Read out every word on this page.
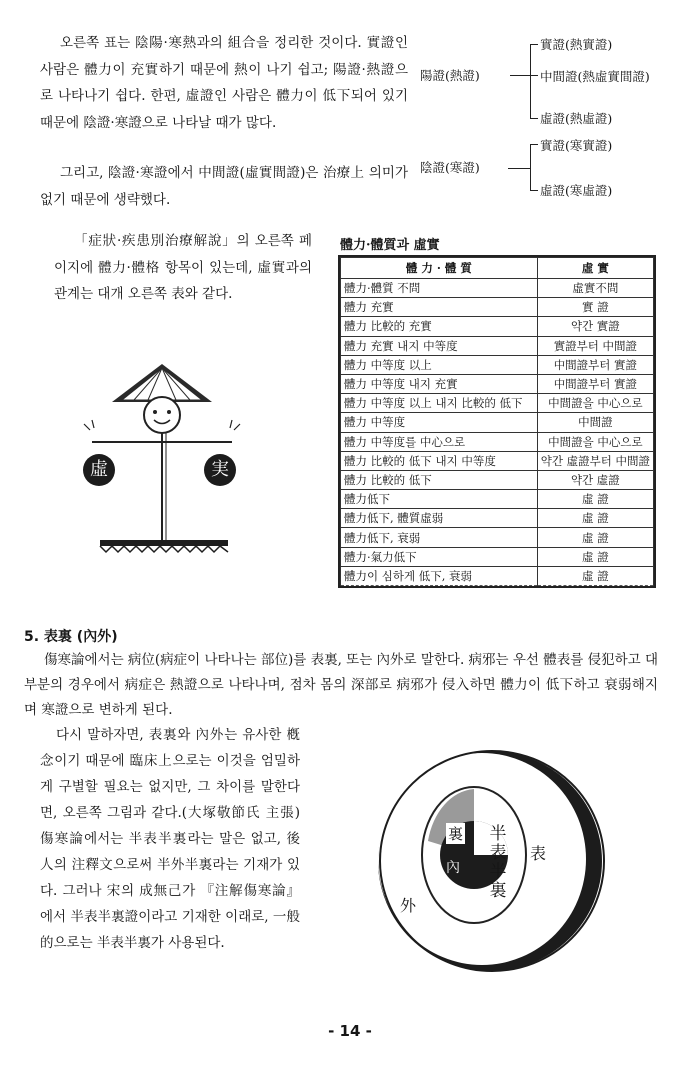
오른쪽 표는 陰陽·寒熱과의 組合을 정리한 것이다. 實證인 사람은 體力이 充實하기 때문에 熱이 나기 쉽고; 陽證·熱證으로 나타나기 쉽다. 한편, 虛證인 사람은 體力이 低下되어 있기 때문에 陰證·寒證으로 나타날 때가 많다.

그리고, 陰證·寒證에서 中間證(虛實間證)은 治療上 의미가 없기 때문에 생략했다.

「症狀·疾患別治療解說」의 오른쪽 페이지에 體力·體格 항목이 있는데, 虛實과의 관계는 대개 오른쪽 表와 같다.

陽證(熱證)
實證(熱實證)
中間證(熱虛實間證)
虛證(熱虛證)
陰證(寒證)
實證(寒實證)
虛證(寒虛證)
虛	実
體力·體質과 虛實
體 力 · 體 質	虛 實
體力·體質 不問	虛實不問
體力 充實	實 證
體力 比較的 充實	약간 實證
體力 充實 내지 中等度	實證부터 中間證
體力 中等度 以上	中間證부터 實證
體力 中等度 내지 充實	中間證부터 實證
體力 中等度 以上 내지 比較的 低下	中間證을 中心으로
體力 中等度	中間證
體力 中等度를 中心으로	中間證을 中心으로
體力 比較的 低下 내지 中等度	약간 虛證부터 中間證
體力 比較的 低下	약간 虛證
體力低下	虛 證
體力低下, 體質虛弱	虛 證
體力低下, 衰弱	虛 證
體力·氣力低下	虛 證
體力이 심하게 低下, 衰弱	虛 證
5. 表裏 (內外)

傷寒論에서는 病位(病症이 나타나는 部位)를 表裏, 또는 內外로 말한다. 病邪는 우선 體表를 侵犯하고 대부분의 경우에서 病症은 熱證으로 나타나며, 점차 몸의 深部로 病邪가 侵入하면 體力이 低下하고 衰弱해지며 寒證으로 변하게 된다.

다시 말하자면, 表裏와 內外는 유사한 槪念이기 때문에 臨床上으로는 이것을 엄밀하게 구별할 필요는 없지만, 그 차이를 말한다면, 오른쪽 그림과 같다.(大塚敬節氏 主張) 傷寒論에서는 半表半裏라는 말은 없고, 後人의 注釋文으로써 半外半裏라는 기재가 있다. 그러나 宋의 成無己가 『注解傷寒論』에서 半表半裏證이라고 기재한 이래로, 一般的으로는 半表半裏가 사용된다.

裏
內
半
表
半
裏
表
外
- 14 -
